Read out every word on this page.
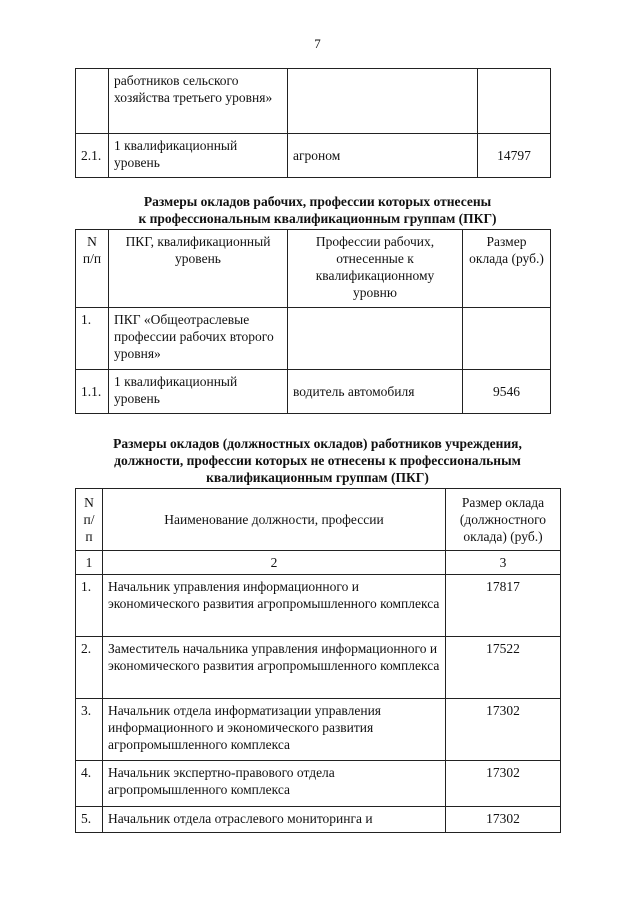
7
	работников сельского хозяйства третьего уровня»		
2.1.	1 квалификационный уровень	агроном	14797
Размеры окладов рабочих, профессии которых отнесены
к профессиональным квалификационным группам (ПКГ)
N п/п	ПКГ, квалификационный уровень	Профессии рабочих, отнесенные к квалификационному уровню	Размер оклада (руб.)
1.	ПКГ «Общеотраслевые профессии рабочих второго уровня»		
1.1.	1 квалификационный уровень	водитель автомобиля	9546
Размеры окладов (должностных окладов) работников учреждения,
должности, профессии которых не отнесены к профессиональным
квалификационным группам (ПКГ)
N п/п	Наименование должности, профессии	Размер оклада (должностного оклада) (руб.)
1	2	3
1.	Начальник управления информационного и экономического развития агропромышленного комплекса	17817
2.	Заместитель начальника управления информационного и экономического развития агропромышленного комплекса	17522
3.	Начальник отдела информатизации управления информационного и экономического развития агропромышленного комплекса	17302
4.	Начальник экспертно-правового отдела агропромышленного комплекса	17302
5.	Начальник отдела отраслевого мониторинга и	17302
